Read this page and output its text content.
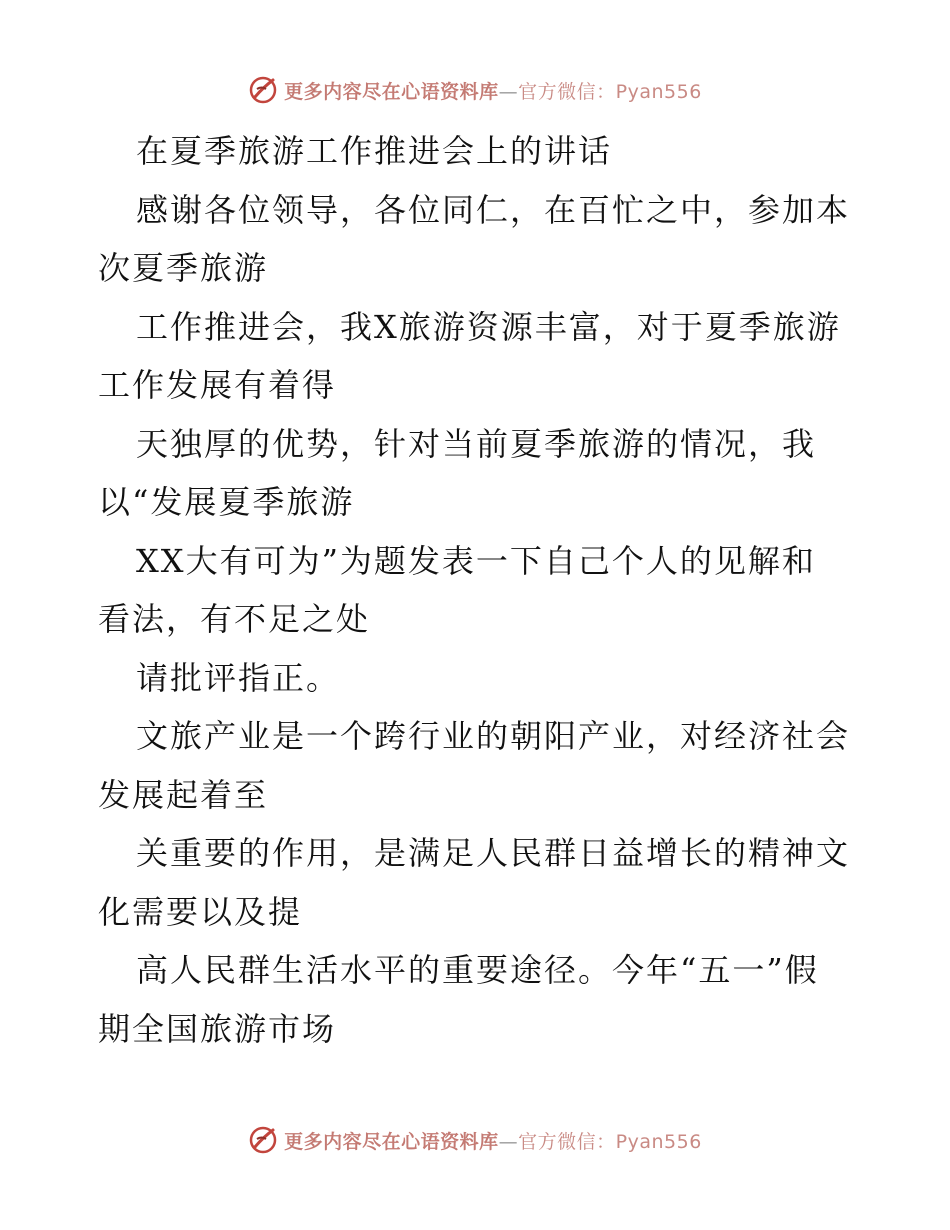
更多内容尽在心语资料库—官方微信：Pyan556
在夏季旅游工作推进会上的讲话
感谢各位领导，各位同仁，在百忙之中，参加本
次夏季旅游
工作推进会，我X旅游资源丰富，对于夏季旅游
工作发展有着得
天独厚的优势，针对当前夏季旅游的情况，我
以“发展夏季旅游
XX大有可为”为题发表一下自己个人的见解和
看法，有不足之处
请批评指正。
文旅产业是一个跨行业的朝阳产业，对经济社会
发展起着至
关重要的作用，是满足人民群日益增长的精神文
化需要以及提
高人民群生活水平的重要途径。今年“五一”假
期全国旅游市场
更多内容尽在心语资料库—官方微信：Pyan556
